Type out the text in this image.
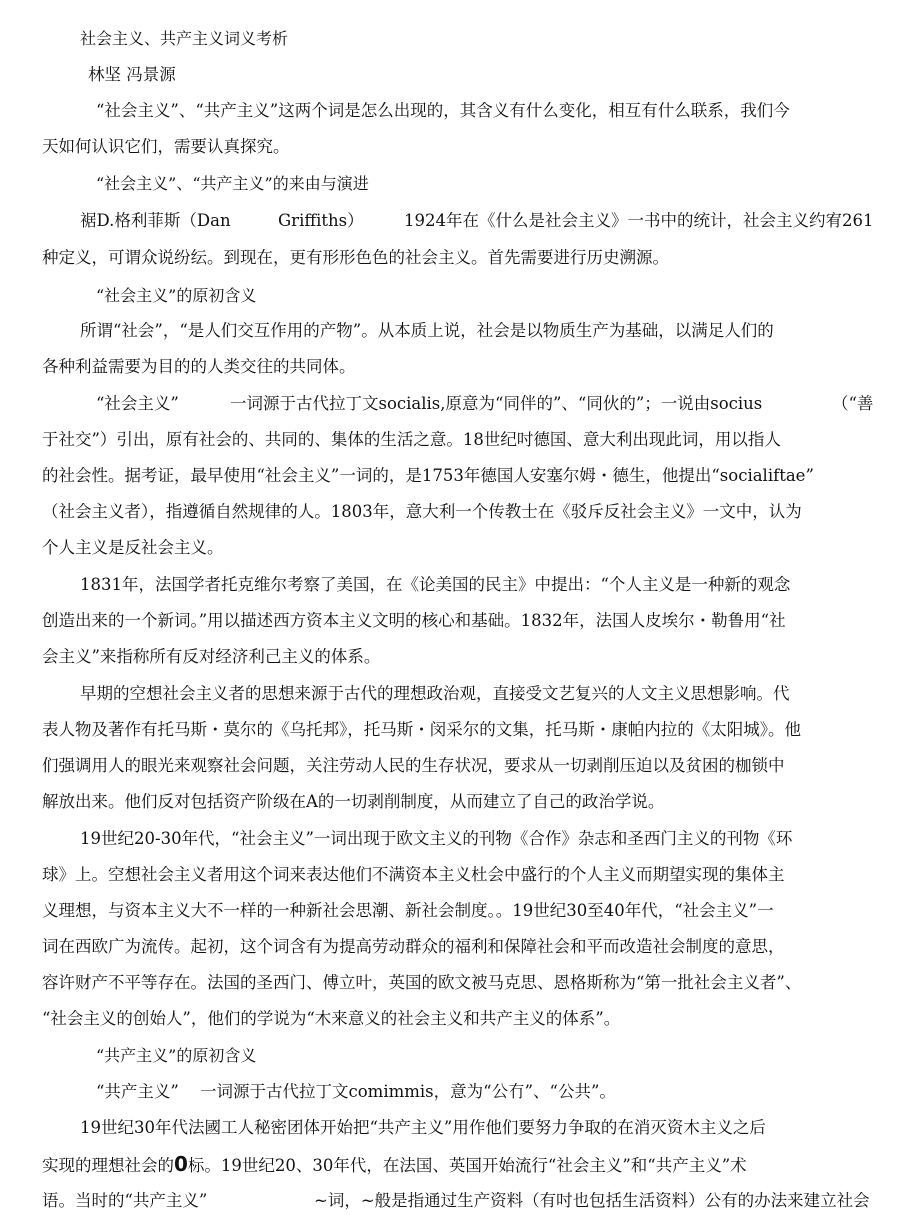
社会主义、共产主义词义考析
林坚 冯景源
“社会主义”、“共产主义”这两个词是怎么出现的，其含义有什么变化，相互有什么联系，我们今
天如何认识它们，需要认真探究。
“社会主义”、“共产主义”的来由与演进
裾D.格利菲斯（Dan	Griffiths） 1924年在《什么是社会主义》一书中的统计，社会主义约宥261
种定义，可谓众说纷纭。到现在，更有形形色色的社会主义。首先需要进行历史溯源。
“社会主义”的原初含义
所谓“社会”，“是人们交互作用的产物”。从本质上说，社会是以物质生产为基础，以满足人们的
各种利益需要为目的的人类交往的共同体。
“社会主义”	一词源于古代拉丁文socialis,原意为“同伴的”、“同伙的”；一说由socius	（“善
于社交”）引出，原有社会的、共同的、集体的生活之意。18世纪吋德国、意大利出现此词，用以指人
的社会性。据考证，最早使用“社会主义”一词的，是1753年德国人安塞尔姆・德生，他提出“socialiftae”
（社会主义者），指遵循自然规律的人。1803年，意大利一个传教士在《驳斥反社会主义》一文中，认为
个人主义是反社会主义。
1831年，法国学者托克维尔考察了美国，在《论美国的民主》中提出：“个人主义是一种新的观念
创造出来的一个新词。”用以描述西方资本主义文明的核心和基础。1832年，法国人皮埃尔・勒鲁用“社
会主义”来指称所有反对经济利己主义的体系。
早期的空想社会主义者的思想来源于古代的理想政治观，直接受文艺复兴的人文主义思想影响。代
表人物及著作有托马斯・莫尔的《乌托邦》，托马斯・闵采尔的文集，托马斯・康帕内拉的《太阳城》。他
们强调用人的眼光来观察社会问题，关注劳动人民的生存状况，要求从一切剥削压迫以及贫困的枷锁中
解放出来。他们反对包括资产阶级在A的一切剥削制度，从而建立了自己的政治学说。
19世纪20-30年代，“社会主义”一词出现于欧文主义的刊物《合作》杂志和圣西门主义的刊物《环
球》上。空想社会主义者用这个词来表达他们不满资本主义杜会中盛行的个人主义而期望实现的集体主
义理想，与资本主义大不一样的一种新社会思潮、新社会制度。。19世纪30至40年代，“社会主义”一
词在西欧广为流传。起初，这个词含有为提高劳动群众的福利和保障社会和平而改造社会制度的意思，
容许财产不平等存在。法国的圣西门、傅立叶，英国的欧文被马克思、恩格斯称为“第一批社会主义者”、
“社会主义的创始人”，他们的学说为“木来意义的社会主义和共产主义的体系”。
“共产主义”的原初含义
“共产主义” 一词源于古代拉丁文comimmis，意为“公冇”、“公共”。
19世纪30年代法國工人秘密团体开始把“共产主义”用作他们要努力争取的在消灭资木主义之后
实现的理想社会的0标。19世纪20、30年代，在法国、英国开始流行“社会主义”和“共产主义”术
语。当时的“共产主义”	~词，~般是指通过生产资料（有吋也包括生活资料）公有的办法来建立社会
